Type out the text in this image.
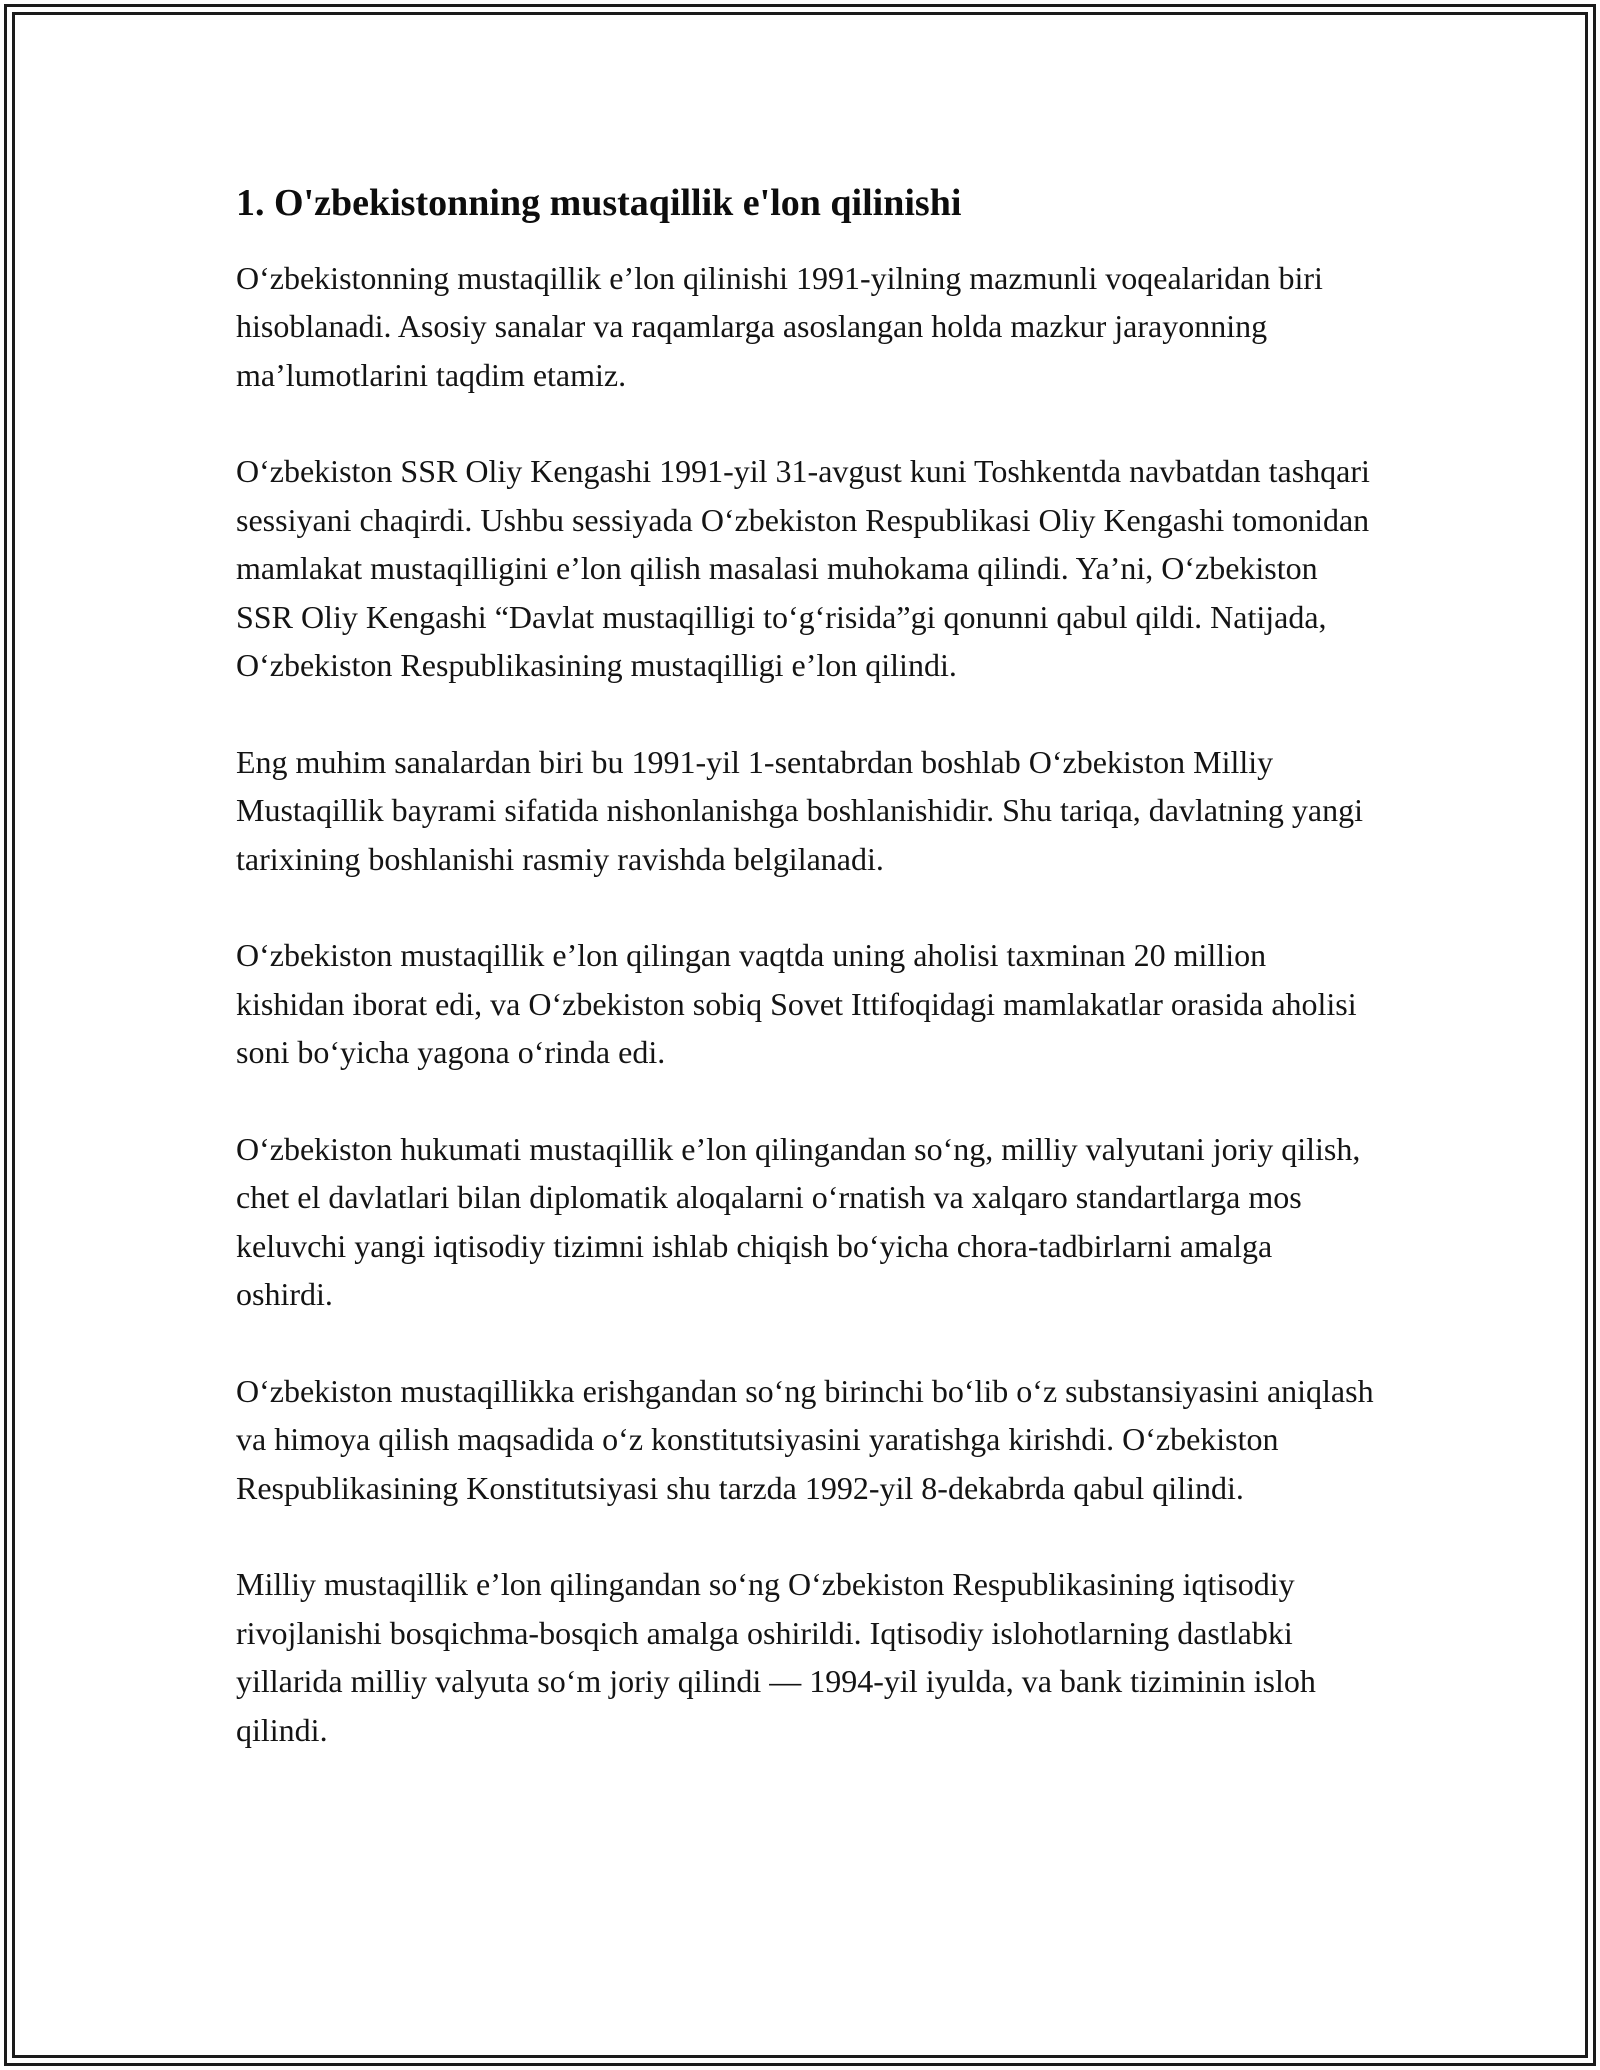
1. O'zbekistonning mustaqillik e'lon qilinishi

O‘zbekistonning mustaqillik e’lon qilinishi 1991-yilning mazmunli voqealaridan biri hisoblanadi. Asosiy sanalar va raqamlarga asoslangan holda mazkur jarayonning ma’lumotlarini taqdim etamiz.

O‘zbekiston SSR Oliy Kengashi 1991-yil 31-avgust kuni Toshkentda navbatdan tashqari sessiyani chaqirdi. Ushbu sessiyada O‘zbekiston Respublikasi Oliy Kengashi tomonidan mamlakat mustaqilligini e’lon qilish masalasi muhokama qilindi. Ya’ni, O‘zbekiston SSR Oliy Kengashi “Davlat mustaqilligi to‘g‘risida”gi qonunni qabul qildi. Natijada, O‘zbekiston Respublikasining mustaqilligi e’lon qilindi.

Eng muhim sanalardan biri bu 1991-yil 1-sentabrdan boshlab O‘zbekiston Milliy Mustaqillik bayrami sifatida nishonlanishga boshlanishidir. Shu tariqa, davlatning yangi tarixining boshlanishi rasmiy ravishda belgilanadi.

O‘zbekiston mustaqillik e’lon qilingan vaqtda uning aholisi taxminan 20 million kishidan iborat edi, va O‘zbekiston sobiq Sovet Ittifoqidagi mamlakatlar orasida aholisi soni bo‘yicha yagona o‘rinda edi.

O‘zbekiston hukumati mustaqillik e’lon qilingandan so‘ng, milliy valyutani joriy qilish, chet el davlatlari bilan diplomatik aloqalarni o‘rnatish va xalqaro standartlarga mos keluvchi yangi iqtisodiy tizimni ishlab chiqish bo‘yicha chora-tadbirlarni amalga oshirdi.

O‘zbekiston mustaqillikka erishgandan so‘ng birinchi bo‘lib o‘z substansiyasini aniqlash va himoya qilish maqsadida o‘z konstitutsiyasini yaratishga kirishdi. O‘zbekiston Respublikasining Konstitutsiyasi shu tarzda 1992-yil 8-dekabrda qabul qilindi.

Milliy mustaqillik e’lon qilingandan so‘ng O‘zbekiston Respublikasining iqtisodiy rivojlanishi bosqichma-bosqich amalga oshirildi. Iqtisodiy islohotlarning dastlabki yillarida milliy valyuta so‘m joriy qilindi — 1994-yil iyulda, va bank tiziminin isloh qilindi.
